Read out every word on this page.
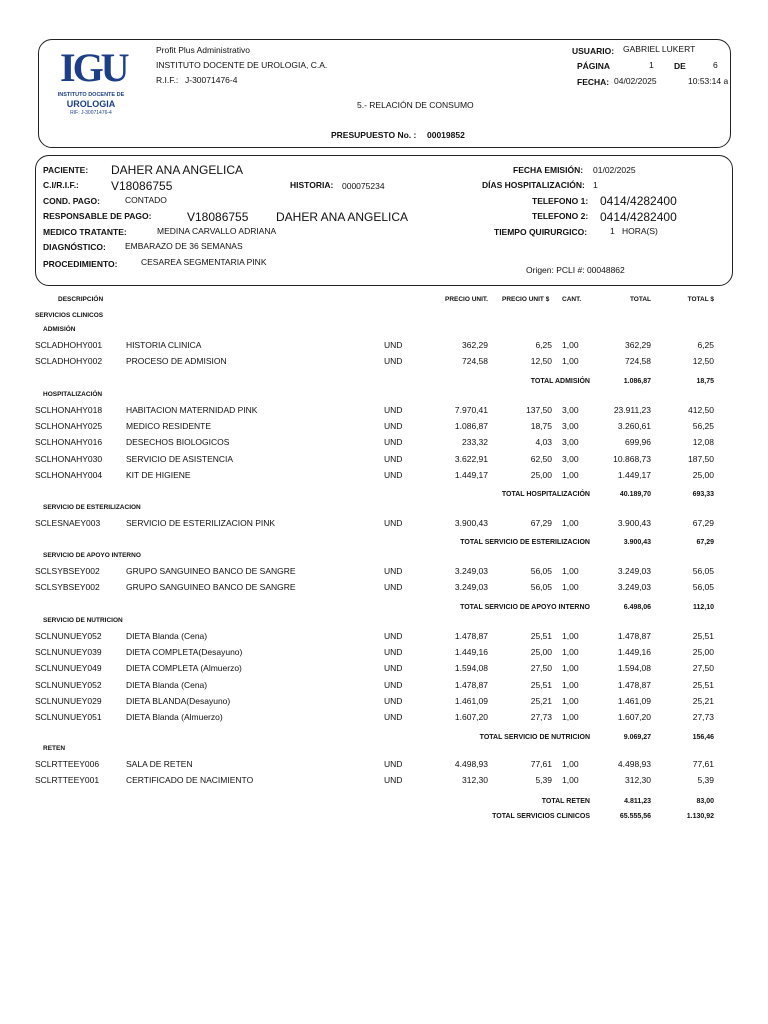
IGU
INSTITUTO DOCENTE DE
UROLOGIA
RIF: J-30071476-4
Profit Plus Administrativo
INSTITUTO DOCENTE DE UROLOGIA, C.A.
R.I.F.: J-30071476-4
5.- RELACIÓN DE CONSUMO
PRESUPUESTO No. : 00019852
USUARIO: GABRIEL LUKERT
PÁGINA	1 DE	6
FECHA: 04/02/2025	10:53:14 a
PACIENTE: DAHER ANA ANGELICA
C.I/R.I.F.:	V18086755	HISTORIA: 000075234
COND. PAGO:	CONTADO
RESPONSABLE DE PAGO:	V18086755 DAHER ANA ANGELICA
MEDICO TRATANTE:	MEDINA CARVALLO ADRIANA
DIAGNÓSTICO: EMBARAZO DE 36 SEMANAS
PROCEDIMIENTO:	CESAREA SEGMENTARIA PINK
FECHA EMISIÓN: 01/02/2025
DÍAS HOSPITALIZACIÓN: 1
TELEFONO 1: 0414/4282400
TELEFONO 2: 0414/4282400
TIEMPO QUIRURGICO:	1 HORA(S)
Origen: PCLI #: 00048862
DESCRIPCIÓN	PRECIO UNIT. PRECIO UNIT $ CANT.	TOTAL	TOTAL $
SERVICIOS CLINICOS
ADMISIÓN
SCLADHOHY001	HISTORIA CLINICA	UND	362,29	6,25 1,00	362,29	6,25
SCLADHOHY002	PROCESO DE ADMISION	UND	724,58	12,50 1,00	724,58	12,50
TOTAL ADMISIÓN	1.086,87	18,75
HOSPITALIZACIÓN
SCLHONAHY018	HABITACION MATERNIDAD PINK	UND	7.970,41	137,50 3,00	23.911,23	412,50
SCLHONAHY025	MEDICO RESIDENTE	UND	1.086,87	18,75 3,00	3.260,61	56,25
SCLHONAHY016	DESECHOS BIOLOGICOS	UND	233,32	4,03 3,00	699,96	12,08
SCLHONAHY030	SERVICIO DE ASISTENCIA	UND	3.622,91	62,50 3,00	10.868,73	187,50
SCLHONAHY004	KIT DE HIGIENE	UND	1.449,17	25,00 1,00	1.449,17	25,00
TOTAL HOSPITALIZACIÓN	40.189,70	693,33
SERVICIO DE ESTERILIZACION
SCLESNAEY003	SERVICIO DE ESTERILIZACION PINK	UND	3.900,43	67,29 1,00	3.900,43	67,29
TOTAL SERVICIO DE ESTERILIZACION	3.900,43	67,29
SERVICIO DE APOYO INTERNO
SCLSYBSEY002	GRUPO SANGUINEO BANCO DE SANGRE	UND	3.249,03	56,05 1,00	3.249,03	56,05
SCLSYBSEY002	GRUPO SANGUINEO BANCO DE SANGRE	UND	3.249,03	56,05 1,00	3.249,03	56,05
TOTAL SERVICIO DE APOYO INTERNO	6.498,06	112,10
SERVICIO DE NUTRICION
SCLNUNUEY052	DIETA Blanda (Cena)	UND	1.478,87	25,51 1,00	1.478,87	25,51
SCLNUNUEY039	DIETA COMPLETA(Desayuno)	UND	1.449,16	25,00 1,00	1.449,16	25,00
SCLNUNUEY049	DIETA COMPLETA (Almuerzo)	UND	1.594,08	27,50 1,00	1.594,08	27,50
SCLNUNUEY052	DIETA Blanda (Cena)	UND	1.478,87	25,51 1,00	1.478,87	25,51
SCLNUNUEY029	DIETA BLANDA(Desayuno)	UND	1.461,09	25,21 1,00	1.461,09	25,21
SCLNUNUEY051	DIETA Blanda (Almuerzo)	UND	1.607,20	27,73 1,00	1.607,20	27,73
TOTAL SERVICIO DE NUTRICION	9.069,27	156,46
RETEN
SCLRTTEEY006	SALA DE RETEN	UND	4.498,93	77,61 1,00	4.498,93	77,61
SCLRTTEEY001	CERTIFICADO DE NACIMIENTO	UND	312,30	5,39 1,00	312,30	5,39
TOTAL RETEN	4.811,23	83,00
TOTAL SERVICIOS CLINICOS	65.555,56	1.130,92
